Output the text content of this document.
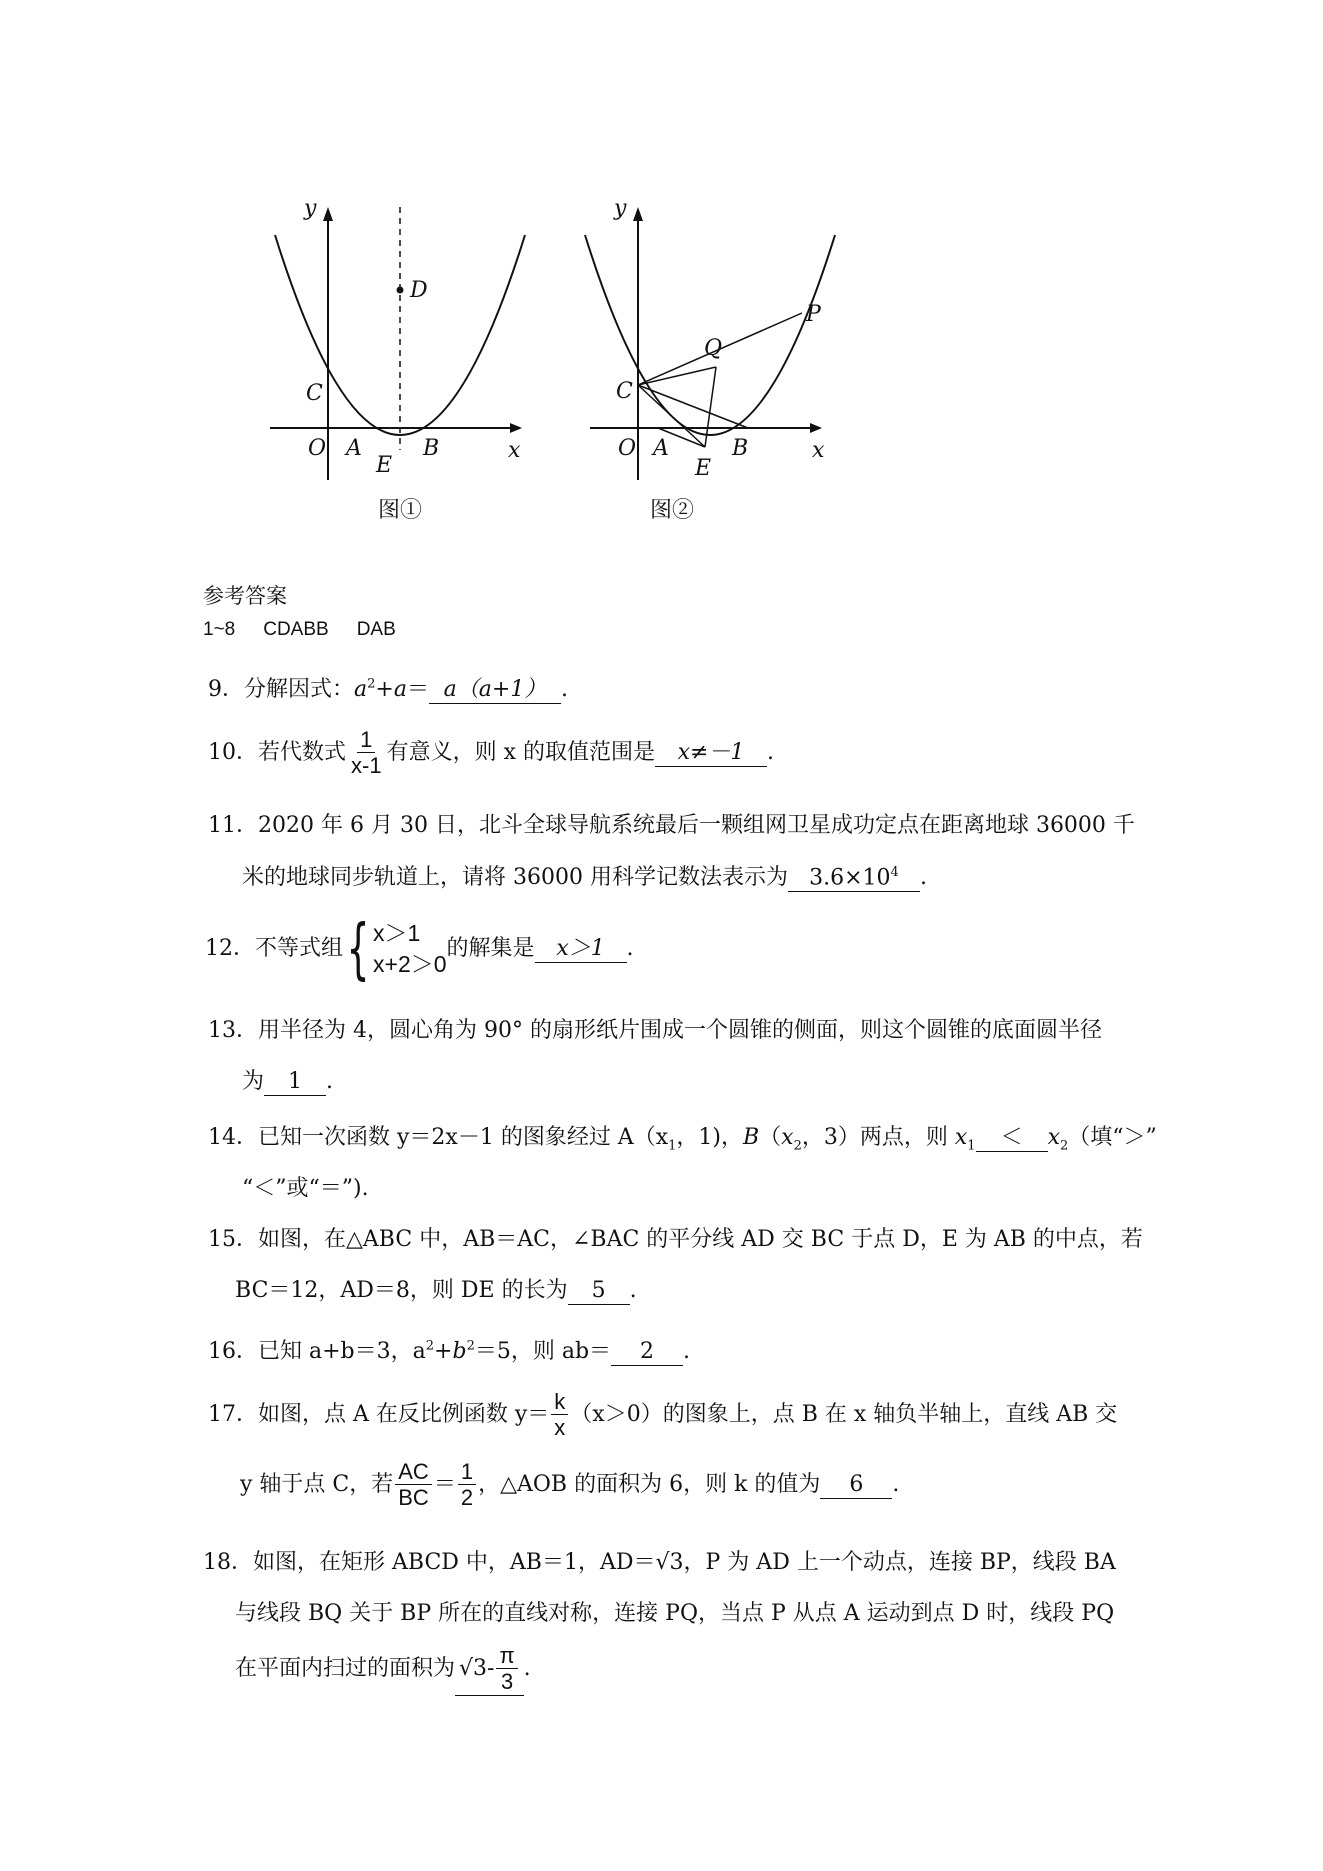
y
x
O A	B
C
D
E
图①
y
x
O A	B
C
E
P
Q
图②
参考答案
1~8 CDABB DAB
9．分解因式：$a^2+a= a(a+1)$ .
10．若代数式 $\frac{1}{x-1}$ 有意义，则 x 的取值范围是 x≠－1 .
11．2020 年 6 月 30 日，北斗全球导航系统最后一颗组网卫星成功定点在距离地球 36000 千
米的地球同步轨道上，请将 36000 用科学记数法表示为 $3.6\times 10^4$ .
12．不等式组{ x＞1
x+2＞0
的解集是 x＞1 .
13．用半径为 4，圆心角为 90° 的扇形纸片围成一个圆锥的侧面，则这个圆锥的底面圆半径
为 1 .
14．已知一次函数 y＝2x－1 的图象经过 $A(x_1$，1)，$B(x_2$，3）两点，则 $x_1 < x_2$（填“＞”
“＜”或“＝”).
15．如图，在△ABC 中，AB＝AC，∠BAC 的平分线 AD 交 BC 于点 D，E 为 AB 的中点，若
BC＝12，AD＝8，则 DE 的长为 5 .
16．已知 a+b＝3，$a^2+b^2=5$，则 ab＝ 2 .
17．如图，点 A 在反比例函数 $y= \frac{k}{x} (x>0)$的图象上，点 B 在 x 轴负半轴上，直线 AB 交
y 轴于点 C，若 $\frac{AC}{BC} = \frac{1}{2}$ ，△AOB 的面积为 6，则 k 的值为 6 .
18．如图，在矩形 ABCD 中，AB＝1，AD＝√3，P 为 AD 上一个动点，连接 BP，线段 BA
与线段 BQ 关于 BP 所在的直线对称，连接 PQ，当点 P 从点 A 运动到点 D 时，线段 PQ
在平面内扫过的面积为 $√3- \frac{\pi}{3}$ .
